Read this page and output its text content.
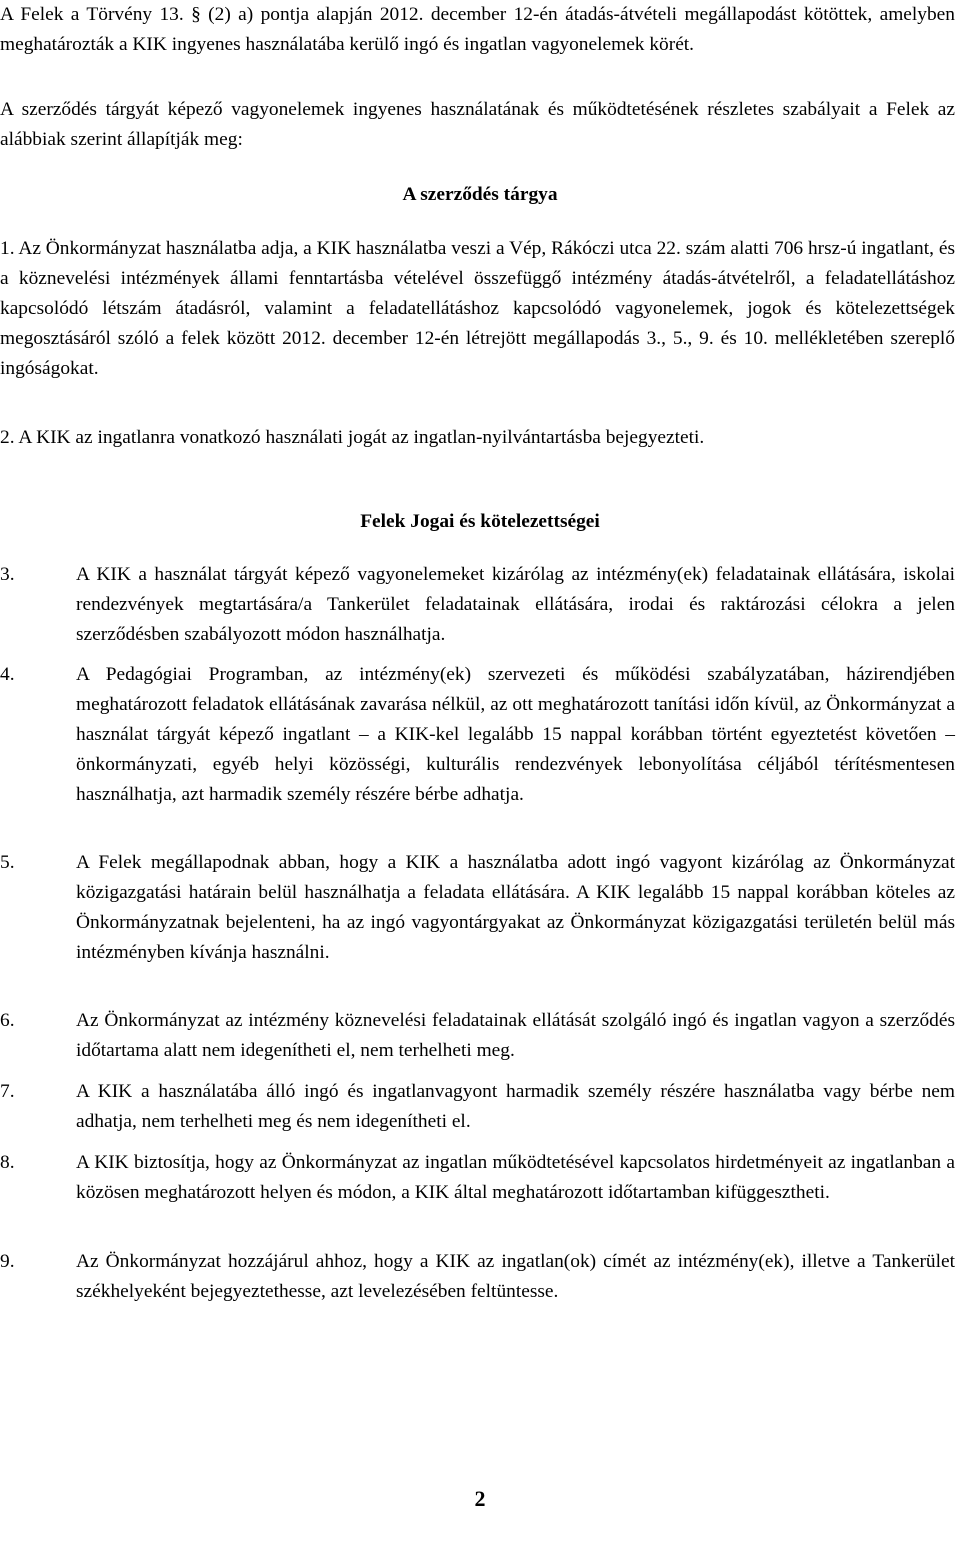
A Felek a Törvény 13. § (2) a) pontja alapján 2012. december 12-én átadás-átvételi megállapodást kötöttek, amelyben meghatározták a KIK ingyenes használatába kerülő ingó és ingatlan vagyonelemek körét.

A szerződés tárgyát képező vagyonelemek ingyenes használatának és működtetésének részletes szabályait a Felek az alábbiak szerint állapítják meg:

A szerződés tárgya

1. Az Önkormányzat használatba adja, a KIK használatba veszi a Vép, Rákóczi utca 22. szám alatti 706 hrsz-ú ingatlant, és a köznevelési intézmények állami fenntartásba vételével összefüggő intézmény átadás-átvételről, a feladatellátáshoz kapcsolódó létszám átadásról, valamint a feladatellátáshoz kapcsolódó vagyonelemek, jogok és kötelezettségek megosztásáról szóló a felek között 2012. december 12-én létrejött megállapodás 3., 5., 9. és 10. mellékletében szereplő ingóságokat.

2. A KIK az ingatlanra vonatkozó használati jogát az ingatlan-nyilvántartásba bejegyezteti.

Felek Jogai és kötelezettségei
3.	A KIK a használat tárgyát képező vagyonelemeket kizárólag az intézmény(ek) feladatainak ellátására, iskolai rendezvények megtartására/a Tankerület feladatainak ellátására, irodai és raktározási célokra a jelen szerződésben szabályozott módon használhatja.
4.	A Pedagógiai Programban, az intézmény(ek) szervezeti és működési szabályzatában, házirendjében meghatározott feladatok ellátásának zavarása nélkül, az ott meghatározott tanítási időn kívül, az Önkormányzat a használat tárgyát képező ingatlant – a KIK-kel legalább 15 nappal korábban történt egyeztetést követően – önkormányzati, egyéb helyi közösségi, kulturális rendezvények lebonyolítása céljából térítésmentesen használhatja, azt harmadik személy részére bérbe adhatja.
5.	A Felek megállapodnak abban, hogy a KIK a használatba adott ingó vagyont kizárólag az Önkormányzat közigazgatási határain belül használhatja a feladata ellátására. A KIK legalább 15 nappal korábban köteles az Önkormányzatnak bejelenteni, ha az ingó vagyontárgyakat az Önkormányzat közigazgatási területén belül más intézményben kívánja használni.
6.	Az Önkormányzat az intézmény köznevelési feladatainak ellátását szolgáló ingó és ingatlan vagyon a szerződés időtartama alatt nem idegenítheti el, nem terhelheti meg.
7.	A KIK a használatába álló ingó és ingatlanvagyont harmadik személy részére használatba vagy bérbe nem adhatja, nem terhelheti meg és nem idegenítheti el.
8.	A KIK biztosítja, hogy az Önkormányzat az ingatlan működtetésével kapcsolatos hirdetményeit az ingatlanban a közösen meghatározott helyen és módon, a KIK által meghatározott időtartamban kifüggesztheti.
9.	Az Önkormányzat hozzájárul ahhoz, hogy a KIK az ingatlan(ok) címét az intézmény(ek), illetve a Tankerület székhelyeként bejegyeztethesse, azt levelezésében feltüntesse.
2
